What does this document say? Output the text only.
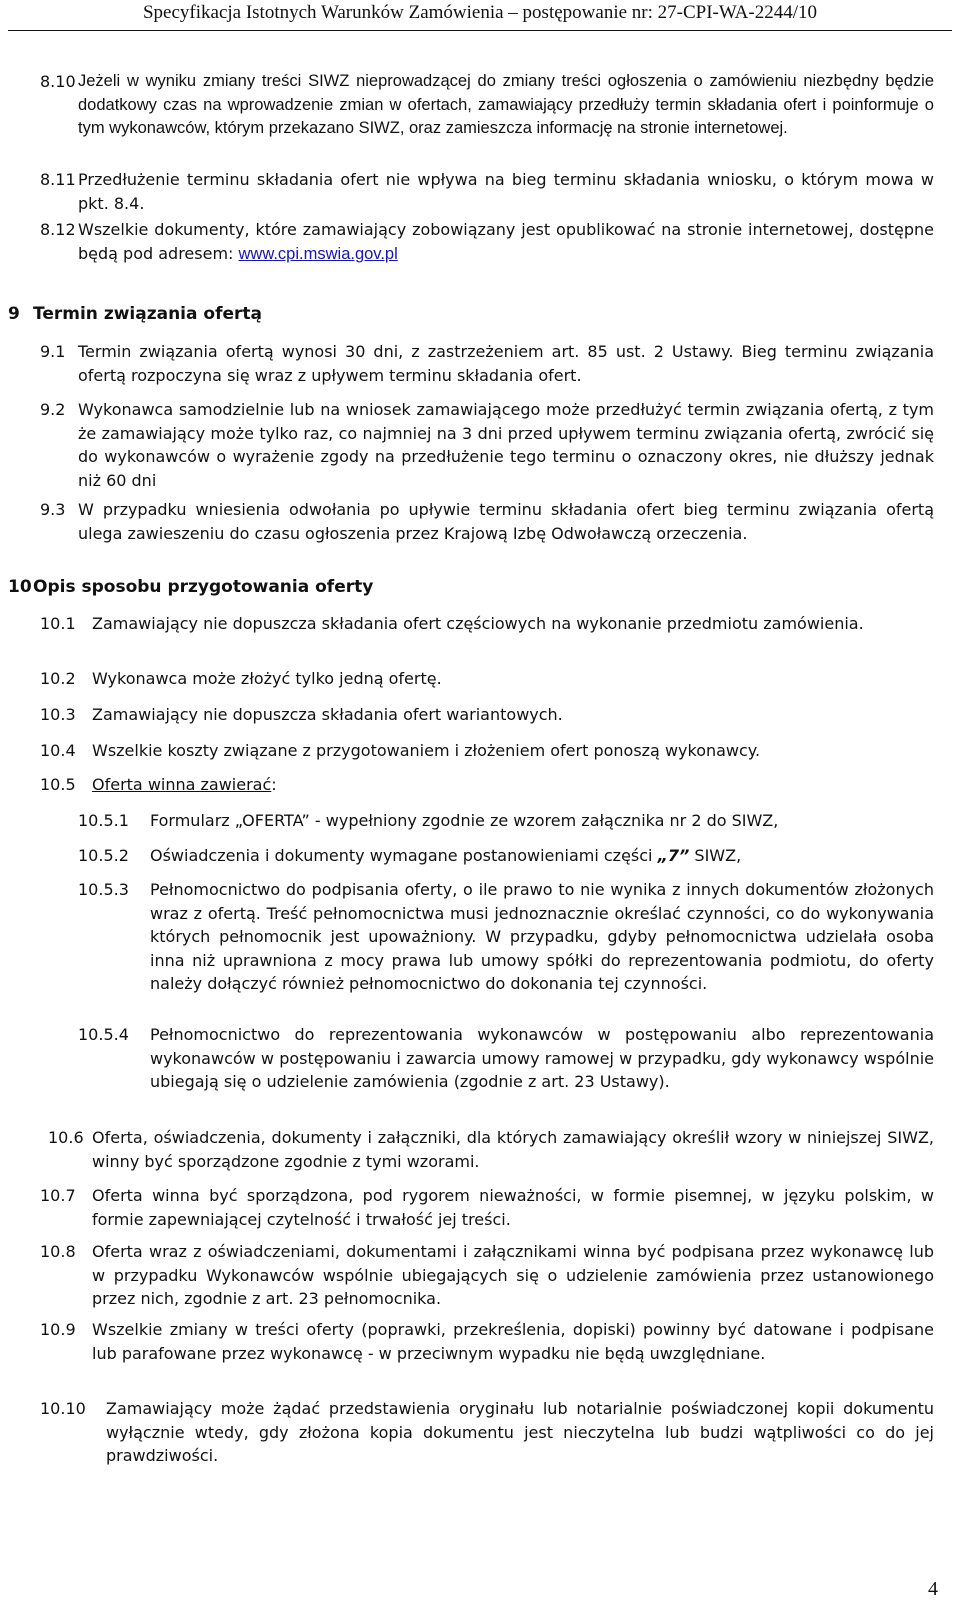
Specyfikacja Istotnych Warunków Zamówienia – postępowanie nr: 27-CPI-WA-2244/10
8.10 Jeżeli w wyniku zmiany treści SIWZ nieprowadzącej do zmiany treści ogłoszenia o zamówieniu niezbędny będzie dodatkowy czas na wprowadzenie zmian w ofertach, zamawiający przedłuży termin składania ofert i poinformuje o tym wykonawców, którym przekazano SIWZ, oraz zamieszcza informację na stronie internetowej.
8.11 Przedłużenie terminu składania ofert nie wpływa na bieg terminu składania wniosku, o którym mowa w pkt. 8.4.
8.12 Wszelkie dokumenty, które zamawiający zobowiązany jest opublikować na stronie internetowej, dostępne będą pod adresem: www.cpi.mswia.gov.pl
9 Termin związania ofertą
9.1 Termin związania ofertą wynosi 30 dni, z zastrzeżeniem art. 85 ust. 2 Ustawy. Bieg terminu związania ofertą rozpoczyna się wraz z upływem terminu składania ofert.
9.2 Wykonawca samodzielnie lub na wniosek zamawiającego może przedłużyć termin związania ofertą, z tym że zamawiający może tylko raz, co najmniej na 3 dni przed upływem terminu związania ofertą, zwrócić się do wykonawców o wyrażenie zgody na przedłużenie tego terminu o oznaczony okres, nie dłuższy jednak niż 60 dni
9.3 W przypadku wniesienia odwołania po upływie terminu składania ofert bieg terminu związania ofertą ulega zawieszeniu do czasu ogłoszenia przez Krajową Izbę Odwoławczą orzeczenia.
10 Opis sposobu przygotowania oferty
10.1 Zamawiający nie dopuszcza składania ofert częściowych na wykonanie przedmiotu zamówienia.
10.2 Wykonawca może złożyć tylko jedną ofertę.
10.3 Zamawiający nie dopuszcza składania ofert wariantowych.
10.4 Wszelkie koszty związane z przygotowaniem i złożeniem ofert ponoszą wykonawcy.
10.5 Oferta winna zawierać:
10.5.1 Formularz „OFERTA” - wypełniony zgodnie ze wzorem załącznika nr 2 do SIWZ,
10.5.2 Oświadczenia i dokumenty wymagane postanowieniami części „7” SIWZ,
10.5.3 Pełnomocnictwo do podpisania oferty, o ile prawo to nie wynika z innych dokumentów złożonych wraz z ofertą. Treść pełnomocnictwa musi jednoznacznie określać czynności, co do wykonywania których pełnomocnik jest upoważniony. W przypadku, gdyby pełnomocnictwa udzielała osoba inna niż uprawniona z mocy prawa lub umowy spółki do reprezentowania podmiotu, do oferty należy dołączyć również pełnomocnictwo do dokonania tej czynności.
10.5.4 Pełnomocnictwo do reprezentowania wykonawców w postępowaniu albo reprezentowania wykonawców w postępowaniu i zawarcia umowy ramowej w przypadku, gdy wykonawcy wspólnie ubiegają się o udzielenie zamówienia (zgodnie z art. 23 Ustawy).
10.6 Oferta, oświadczenia, dokumenty i załączniki, dla których zamawiający określił wzory w niniejszej SIWZ, winny być sporządzone zgodnie z tymi wzorami.
10.7 Oferta winna być sporządzona, pod rygorem nieważności, w formie pisemnej, w języku polskim, w formie zapewniającej czytelność i trwałość jej treści.
10.8 Oferta wraz z oświadczeniami, dokumentami i załącznikami winna być podpisana przez wykonawcę lub w przypadku Wykonawców wspólnie ubiegających się o udzielenie zamówienia przez ustanowionego przez nich, zgodnie z art. 23 pełnomocnika.
10.9 Wszelkie zmiany w treści oferty (poprawki, przekreślenia, dopiski) powinny być datowane i podpisane lub parafowane przez wykonawcę - w przeciwnym wypadku nie będą uwzględniane.
10.10 Zamawiający może żądać przedstawienia oryginału lub notarialnie poświadczonej kopii dokumentu wyłącznie wtedy, gdy złożona kopia dokumentu jest nieczytelna lub budzi wątpliwości co do jej prawdziwości.
4
